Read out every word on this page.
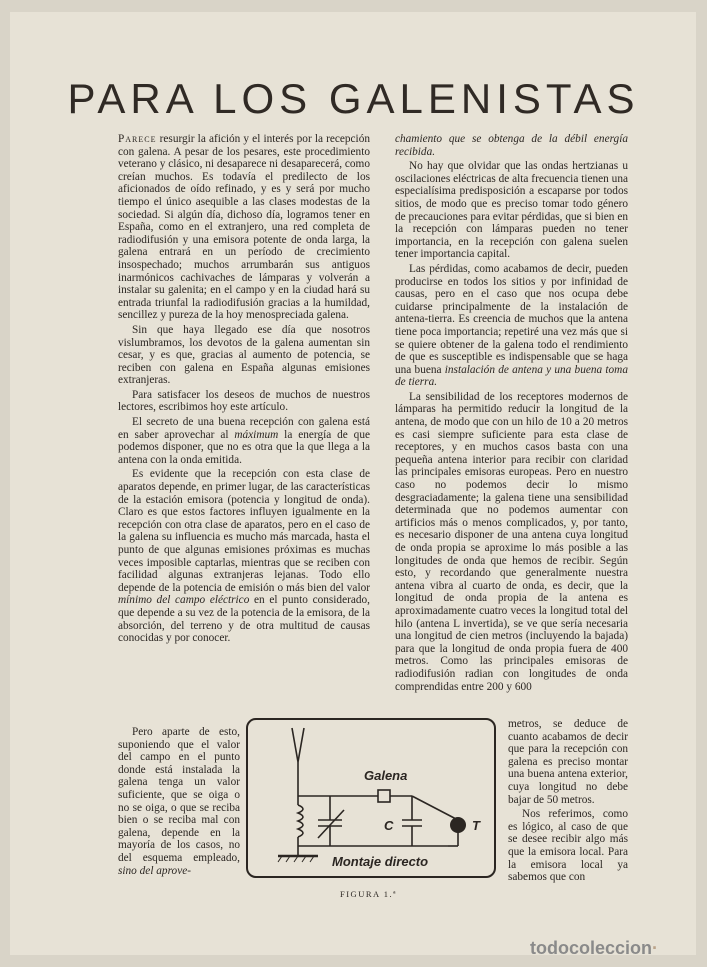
PARA LOS GALENISTAS

Parece resurgir la afición y el interés por la recepción con galena. A pesar de los pesares, este procedimiento veterano y clásico, ni desaparece ni desaparecerá, como creían muchos. Es todavía el predilecto de los aficionados de oído refinado, y es y será por mucho tiempo el único asequible a las clases modestas de la sociedad. Si algún día, dichoso día, logramos tener en España, como en el extranjero, una red completa de radiodifusión y una emisora potente de onda larga, la galena entrará en un período de crecimiento insospechado; muchos arrumbarán sus antiguos inarmónicos cachivaches de lámparas y volverán a instalar su galenita; en el campo y en la ciudad hará su entrada triunfal la radiodifusión gracias a la humildad, sencillez y pureza de la hoy menospreciada galena.

Sin que haya llegado ese día que nosotros vislumbramos, los devotos de la galena aumentan sin cesar, y es que, gracias al aumento de potencia, se reciben con galena en España algunas emisiones extranjeras.

Para satisfacer los deseos de muchos de nuestros lectores, escribimos hoy este artículo.

El secreto de una buena recepción con galena está en saber aprovechar al máximum la energía de que podemos disponer, que no es otra que la que llega a la antena con la onda emitida.

Es evidente que la recepción con esta clase de aparatos depende, en primer lugar, de las características de la estación emisora (potencia y longitud de onda). Claro es que estos factores influyen igualmente en la recepción con otra clase de aparatos, pero en el caso de la galena su influencia es mucho más marcada, hasta el punto de que algunas emisiones próximas es muchas veces imposible captarlas, mientras que se reciben con facilidad algunas extranjeras lejanas. Todo ello depende de la potencia de emisión o más bien del valor mínimo del campo eléctrico en el punto considerado, que depende a su vez de la potencia de la emisora, de la absorción, del terreno y de otra multitud de causas conocidas y por conocer.

Pero aparte de esto, suponiendo que el valor del campo en el punto donde está instalada la galena tenga un valor suficiente, que se oiga o no se oiga, o que se reciba bien o se reciba mal con galena, depende en la mayoría de los casos, no del esquema empleado, sino del aprove-

chamiento que se obtenga de la débil energía recibida.

No hay que olvidar que las ondas hertzianas u oscilaciones eléctricas de alta frecuencia tienen una especialísima predisposición a escaparse por todos sitios, de modo que es preciso tomar todo género de precauciones para evitar pérdidas, que si bien en la recepción con lámparas pueden no tener importancia, en la recepción con galena suelen tener importancia capital.

Las pérdidas, como acabamos de decir, pueden producirse en todos los sitios y por infinidad de causas, pero en el caso que nos ocupa debe cuidarse principalmente de la instalación de antena-tierra. Es creencia de muchos que la antena tiene poca importancia; repetiré una vez más que si se quiere obtener de la galena todo el rendimiento de que es susceptible es indispensable que se haga una buena instalación de antena y una buena toma de tierra.

La sensibilidad de los receptores modernos de lámparas ha permitido reducir la longitud de la antena, de modo que con un hilo de 10 a 20 metros es casi siempre suficiente para esta clase de receptores, y en muchos casos basta con una pequeña antena interior para recibir con claridad las principales emisoras europeas. Pero en nuestro caso no podemos decir lo mismo desgraciadamente; la galena tiene una sensibilidad determinada que no podemos aumentar con artificios más o menos complicados, y, por tanto, es necesario disponer de una antena cuya longitud de onda propia se aproxime lo más posible a las longitudes de onda que hemos de recibir. Según esto, y recordando que generalmente nuestra antena vibra al cuarto de onda, es decir, que la longitud de onda propia de la antena es aproximadamente cuatro veces la longitud total del hilo (antena L invertida), se ve que sería necesaria una longitud de cien metros (incluyendo la bajada) para que la longitud de onda propia fuera de 400 metros. Como las principales emisoras de radiodifusión radian con longitudes de onda comprendidas entre 200 y 600

metros, se deduce de cuanto acabamos de decir que para la recepción con galena es preciso montar una buena antena exterior, cuya longitud no debe bajar de 50 metros.

Nos referimos, como es lógico, al caso de que se desee recibir algo más que la emisora local. Para la emisora local ya sabemos que con

Galena
C	T
Montaje directo
FIGURA 1.ª
todocoleccion·
